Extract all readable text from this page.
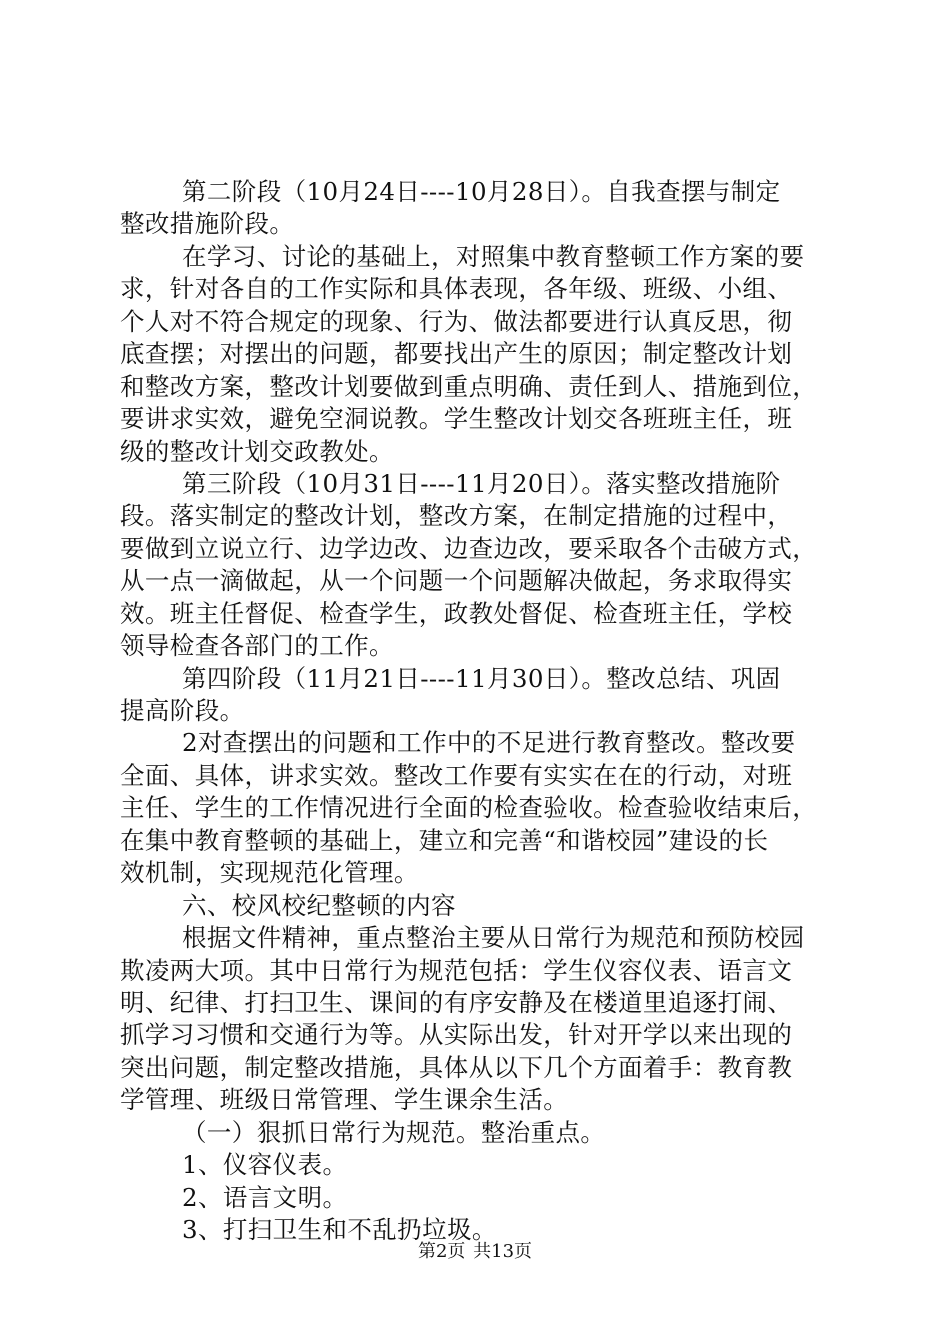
第二阶段（10月24日----10月28日）。自我查摆与制定
整改措施阶段。
在学习、讨论的基础上，对照集中教育整顿工作方案的要
求，针对各自的工作实际和具体表现，各年级、班级、小组、
个人对不符合规定的现象、行为、做法都要进行认真反思，彻
底查摆；对摆出的问题，都要找出产生的原因；制定整改计划
和整改方案，整改计划要做到重点明确、责任到人、措施到位，
要讲求实效，避免空洞说教。学生整改计划交各班班主任，班
级的整改计划交政教处。
第三阶段（10月31日----11月20日）。落实整改措施阶
段。落实制定的整改计划，整改方案，在制定措施的过程中，
要做到立说立行、边学边改、边查边改，要采取各个击破方式，
从一点一滴做起，从一个问题一个问题解决做起，务求取得实
效。班主任督促、检查学生，政教处督促、检查班主任，学校
领导检查各部门的工作。
第四阶段（11月21日----11月30日）。整改总结、巩固
提高阶段。
2对查摆出的问题和工作中的不足进行教育整改。整改要
全面、具体，讲求实效。整改工作要有实实在在的行动，对班
主任、学生的工作情况进行全面的检查验收。检查验收结束后，
在集中教育整顿的基础上，建立和完善“和谐校园”建设的长
效机制，实现规范化管理。
六、校风校纪整顿的内容
根据文件精神，重点整治主要从日常行为规范和预防校园
欺凌两大项。其中日常行为规范包括：学生仪容仪表、语言文
明、纪律、打扫卫生、课间的有序安静及在楼道里追逐打闹、
抓学习习惯和交通行为等。从实际出发，针对开学以来出现的
突出问题，制定整改措施，具体从以下几个方面着手：教育教
学管理、班级日常管理、学生课余生活。
（一）狠抓日常行为规范。整治重点。
1、仪容仪表。
2、语言文明。
3、打扫卫生和不乱扔垃圾。
第2页 共13页
